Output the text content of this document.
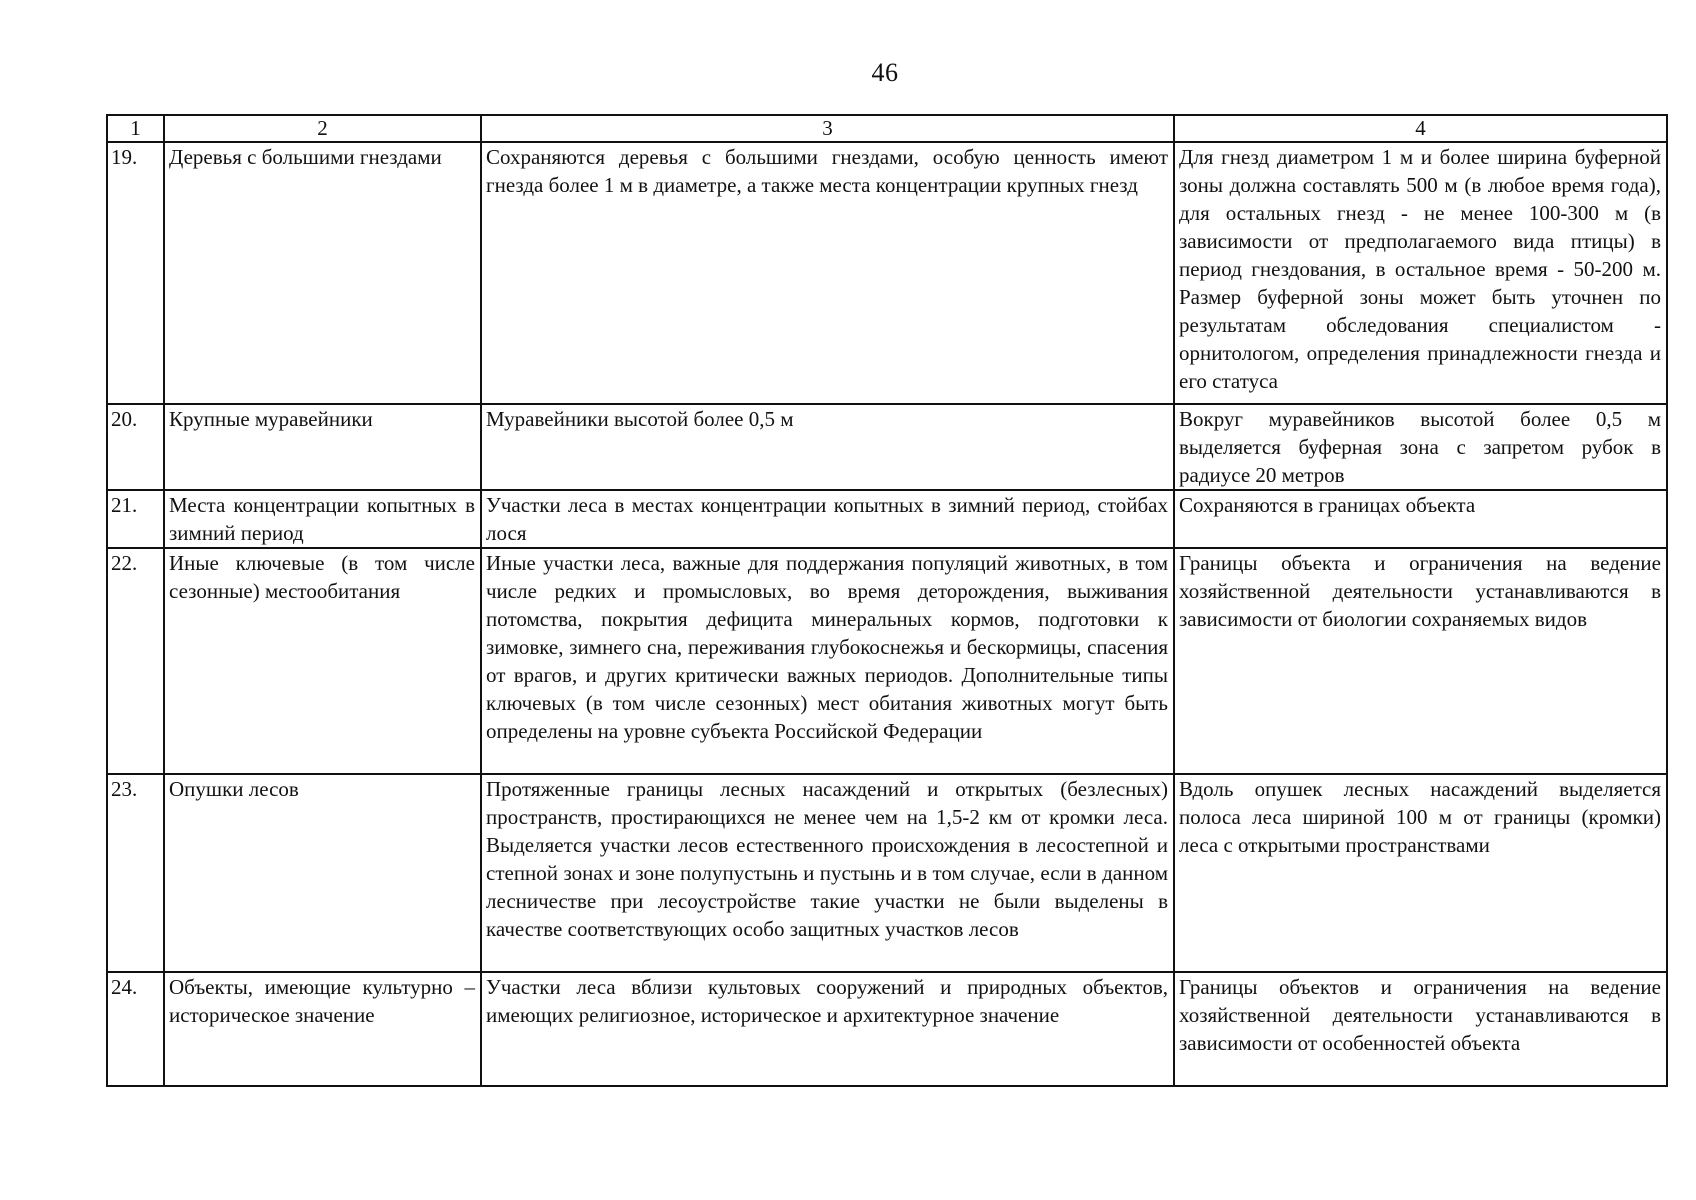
46
1	2	3	4
19.	Деревья с большими гнездами	Сохраняются деревья с большими гнездами, особую ценность имеют гнезда более 1 м в диаметре, а также места концентрации крупных гнезд	Для гнезд диаметром 1 м и более ширина буферной зоны должна составлять 500 м (в любое время года), для остальных гнезд - не менее 100-300 м (в зависимости от предполагаемого вида птицы) в период гнездования, в остальное время - 50-200 м. Размер буферной зоны может быть уточнен по результатам обследования специалистом - орнитологом, определения принадлежности гнезда и его статуса
20.	Крупные муравейники	Муравейники высотой более 0,5 м	Вокруг муравейников высотой более 0,5 м выделяется буферная зона с запретом рубок в радиусе 20 метров
21.	Места концентрации копытных в зимний период	Участки леса в местах концентрации копытных в зимний период, стойбах лося	Сохраняются в границах объекта
22.	Иные ключевые (в том числе сезонные) местообитания	Иные участки леса, важные для поддержания популяций животных, в том числе редких и промысловых, во время деторождения, выживания потомства, покрытия дефицита минеральных кормов, подготовки к зимовке, зимнего сна, переживания глубокоснежья и бескормицы, спасения от врагов, и других критически важных периодов. Дополнительные типы ключевых (в том числе сезонных) мест обитания животных могут быть определены на уровне субъекта Российской Федерации	Границы объекта и ограничения на ведение хозяйственной деятельности устанавливаются в зависимости от биологии сохраняемых видов
23.	Опушки лесов	Протяженные границы лесных насаждений и открытых (безлесных) пространств, простирающихся не менее чем на 1,5-2 км от кромки леса. Выделяется участки лесов естественного происхождения в лесостепной и степной зонах и зоне полупустынь и пустынь и в том случае, если в данном лесничестве при лесоустройстве такие участки не были выделены в качестве соответствующих особо защитных участков лесов	Вдоль опушек лесных насаждений выделяется полоса леса шириной 100 м от границы (кромки) леса с открытыми пространствами
24.	Объекты, имеющие культурно – историческое значение	Участки леса вблизи культовых сооружений и природных объектов, имеющих религиозное, историческое и архитектурное значение	Границы объектов и ограничения на ведение хозяйственной деятельности устанавливаются в зависимости от особенностей объекта
